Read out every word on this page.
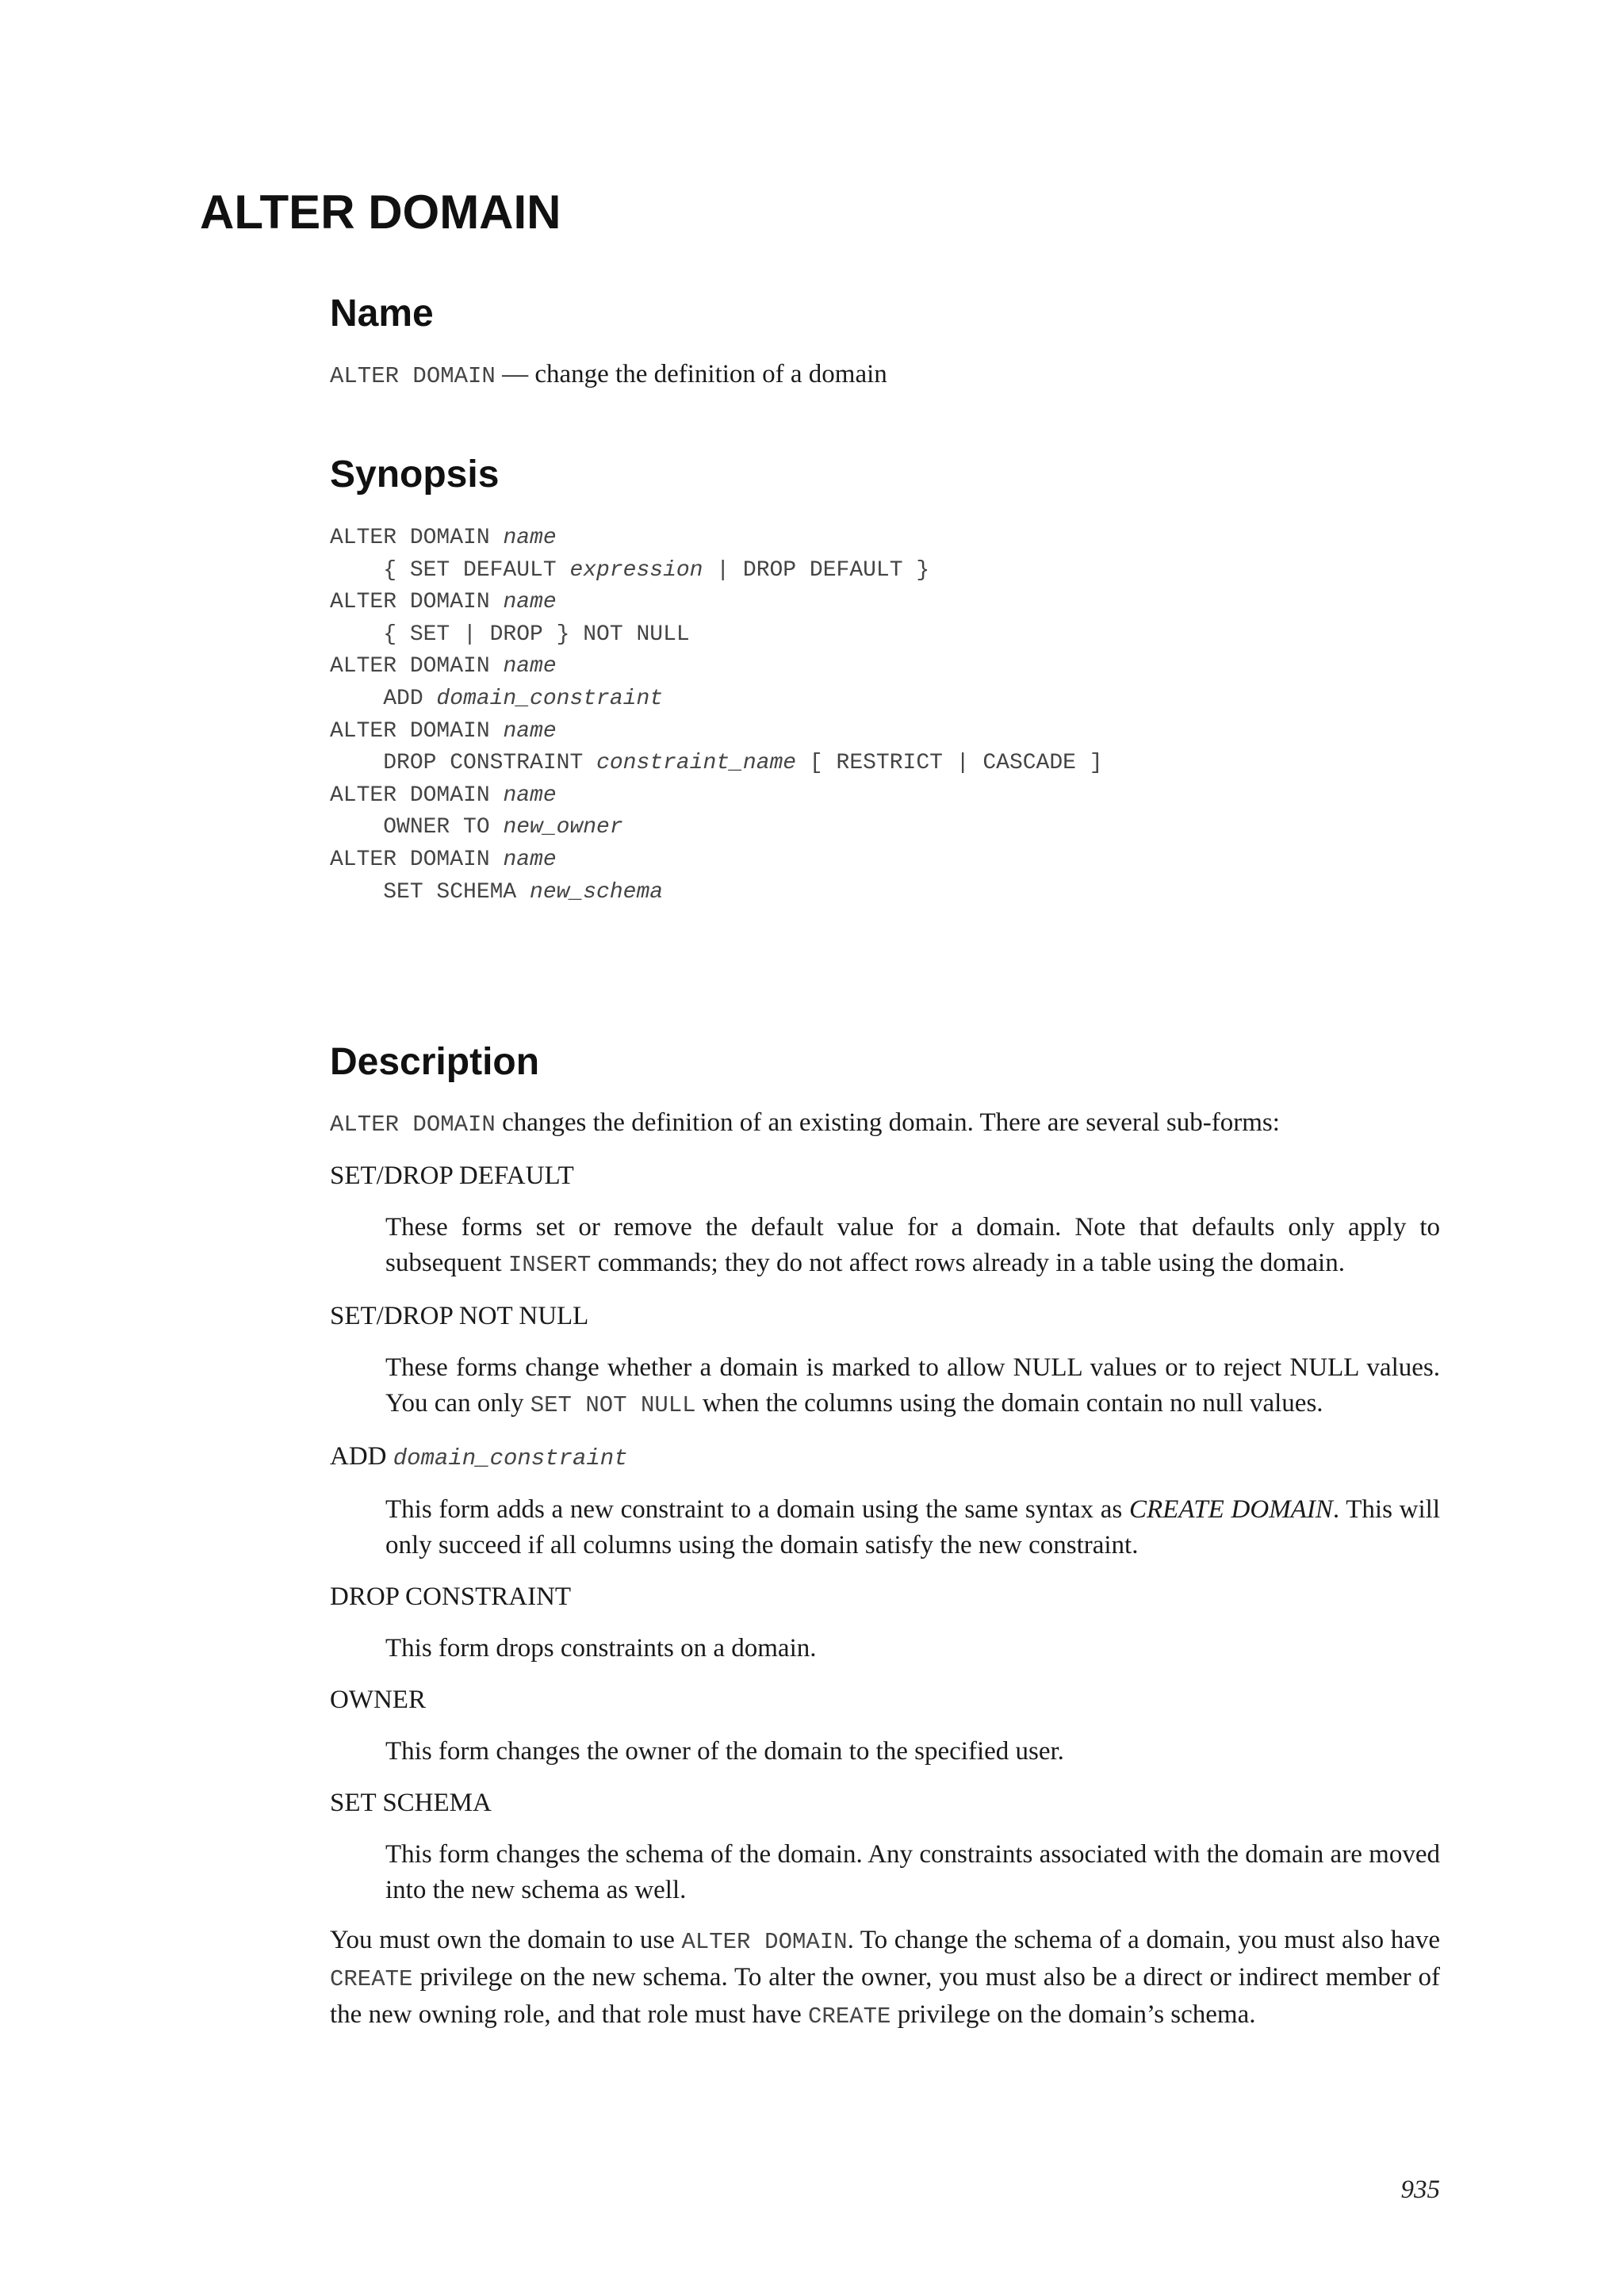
ALTER DOMAIN
Name

ALTER DOMAIN — change the definition of a domain

Synopsis
ALTER DOMAIN name
{ SET DEFAULT expression | DROP DEFAULT }
ALTER DOMAIN name
{ SET | DROP } NOT NULL
ALTER DOMAIN name
ADD domain_constraint
ALTER DOMAIN name
DROP CONSTRAINT constraint_name [ RESTRICT | CASCADE ]
ALTER DOMAIN name
OWNER TO new_owner
ALTER DOMAIN name
SET SCHEMA new_schema
Description

ALTER DOMAIN changes the definition of an existing domain. There are several sub-forms:

SET/DROP DEFAULT
These forms set or remove the default value for a domain. Note that defaults only apply to subsequent INSERT commands; they do not affect rows already in a table using the domain.
SET/DROP NOT NULL
These forms change whether a domain is marked to allow NULL values or to reject NULL values. You can only SET NOT NULL when the columns using the domain contain no null values.
ADD domain_constraint
This form adds a new constraint to a domain using the same syntax as CREATE DOMAIN. This will only succeed if all columns using the domain satisfy the new constraint.
DROP CONSTRAINT
This form drops constraints on a domain.
OWNER
This form changes the owner of the domain to the specified user.
SET SCHEMA
This form changes the schema of the domain. Any constraints associated with the domain are moved into the new schema as well.

You must own the domain to use ALTER DOMAIN. To change the schema of a domain, you must also have CREATE privilege on the new schema. To alter the owner, you must also be a direct or indirect member of the new owning role, and that role must have CREATE privilege on the domain’s schema.

935
